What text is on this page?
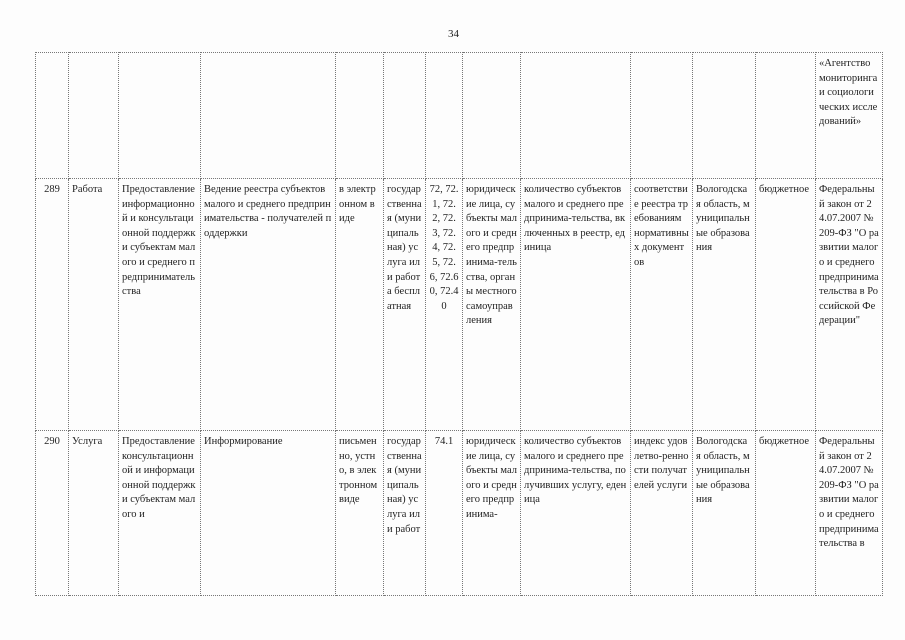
34
												«Агентство мониторинга и социологических исследований»
289	Работа	Предоставление информационной и консультационной поддержки субъектам малого и среднего предпринимательства	Ведение реестра субъектов малого и среднего предпринимательства - получателей поддержки	в электронном виде	государственная (муниципальная) услуга или работа бесплатная	72, 72.1, 72.2, 72.3, 72.4, 72.5, 72.6, 72.60, 72.40	юридические лица, субъекты малого и среднего предпринима-тельства, органы местного самоуправления	количество субъектов малого и среднего предпринима-тельства, включенных в реестр, единица	соответствие реестра требованиям нормативных документов	Вологодская область, муниципальные образования	бюджетное	Федеральный закон от 24.07.2007 № 209-ФЗ "О развитии малого и среднего предпринимательства в Российской Федерации"
290	Услуга	Предоставление консультационной и информационной поддержки субъектам малого и	Информирование	письменно, устно, в электронном виде	государственная (муниципальная) услуга или работ	74.1	юридические лица, субъекты малого и среднего предпринима-	количество субъектов малого и среднего предпринима-тельства, получивших услугу, еденица	индекс удовлетво-ренности получателей услуги	Вологодская область, муниципальные образования	бюджетное	Федеральный закон от 24.07.2007 № 209-ФЗ "О развитии малого и среднего предпринимательства в
